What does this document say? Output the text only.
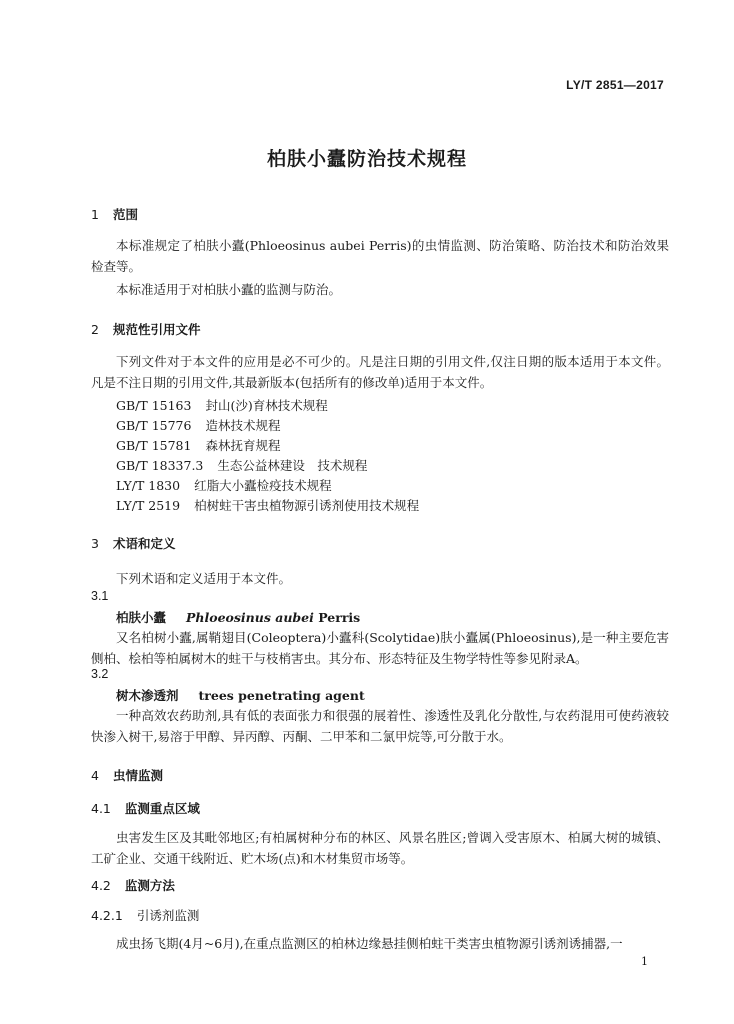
LY/T 2851—2017
柏肤小蠹防治技术规程
1 范围
本标准规定了柏肤小蠹(Phloeosinus aubei Perris)的虫情监测、防治策略、防治技术和防治效果检查等。
本标准适用于对柏肤小蠹的监测与防治。
2 规范性引用文件
下列文件对于本文件的应用是必不可少的。凡是注日期的引用文件,仅注日期的版本适用于本文件。凡是不注日期的引用文件,其最新版本(包括所有的修改单)适用于本文件。
GB/T 15163 封山(沙)育林技术规程
GB/T 15776 造林技术规程
GB/T 15781 森林抚育规程
GB/T 18337.3 生态公益林建设　技术规程
LY/T 1830 红脂大小蠹检疫技术规程
LY/T 2519 柏树蛀干害虫植物源引诱剂使用技术规程
3 术语和定义
下列术语和定义适用于本文件。
3.1
柏肤小蠹 Phloeosinus aubei Perris
又名柏树小蠹,属鞘翅目(Coleoptera)小蠹科(Scolytidae)肤小蠹属(Phloeosinus),是一种主要危害侧柏、桧柏等柏属树木的蛀干与枝梢害虫。其分布、形态特征及生物学特性等参见附录A。
3.2
树木渗透剂 trees penetrating agent
一种高效农药助剂,具有低的表面张力和很强的展着性、渗透性及乳化分散性,与农药混用可使药液较快渗入树干,易溶于甲醇、异丙醇、丙酮、二甲苯和二氯甲烷等,可分散于水。
4 虫情监测
4.1 监测重点区域
虫害发生区及其毗邻地区;有柏属树种分布的林区、风景名胜区;曾调入受害原木、柏属大树的城镇、工矿企业、交通干线附近、贮木场(点)和木材集贸市场等。
4.2 监测方法
4.2.1 引诱剂监测
成虫扬飞期(4月~6月),在重点监测区的柏林边缘悬挂侧柏蛀干类害虫植物源引诱剂诱捕器,一
1
